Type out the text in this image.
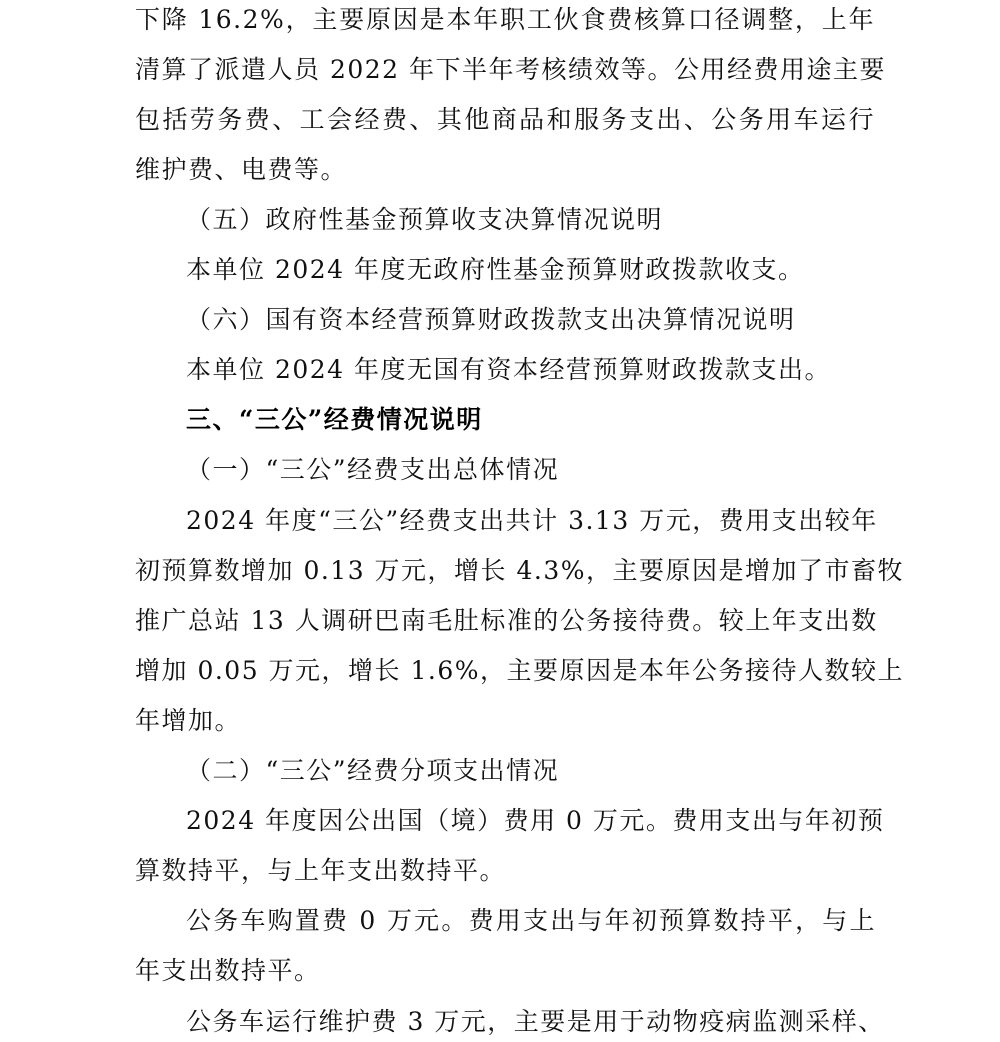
下降 16.2%，主要原因是本年职工伙食费核算口径调整，上年
清算了派遣人员 2022 年下半年考核绩效等。公用经费用途主要
包括劳务费、工会经费、其他商品和服务支出、公务用车运行
维护费、电费等。
（五）政府性基金预算收支决算情况说明
本单位 2024 年度无政府性基金预算财政拨款收支。
（六）国有资本经营预算财政拨款支出决算情况说明
本单位 2024 年度无国有资本经营预算财政拨款支出。
三、“三公”经费情况说明
（一）“三公”经费支出总体情况
2024 年度“三公”经费支出共计 3.13 万元，费用支出较年
初预算数增加 0.13 万元，增长 4.3%，主要原因是增加了市畜牧
推广总站 13 人调研巴南毛肚标准的公务接待费。较上年支出数
增加 0.05 万元，增长 1.6%，主要原因是本年公务接待人数较上
年增加。
（二）“三公”经费分项支出情况
2024 年度因公出国（境）费用 0 万元。费用支出与年初预
算数持平，与上年支出数持平。
公务车购置费 0 万元。费用支出与年初预算数持平，与上
年支出数持平。
公务车运行维护费 3 万元，主要是用于动物疫病监测采样、
